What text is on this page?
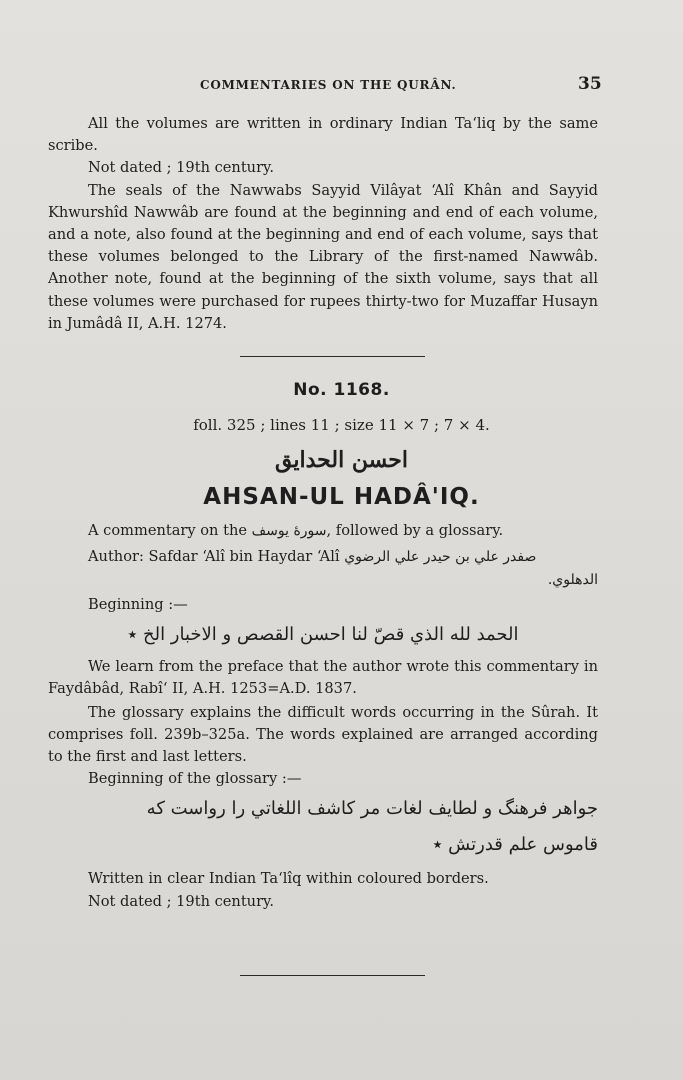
COMMENTARIES ON THE QURÂN.	35

All the volumes are written in ordinary Indian Ta‘liq by the same scribe.

Not dated ; 19th century.

The seals of the Nawwabs Sayyid Vilâyat ‘Alî Khân and Sayyid Khwurshîd Nawwâb are found at the beginning and end of each volume, and a note, also found at the beginning and end of each volume, says that these volumes belonged to the Library of the first-named Nawwâb. Another note, found at the beginning of the sixth volume, says that all these volumes were purchased for rupees thirty-two for Muzaffar Husayn in Jumâdâ II, A.H. 1274.

No. 1168.
foll. 325 ; lines 11 ; size 11 × 7 ; 7 × 4.
احسن الحدايق
AHSAN-UL HADÂ'IQ.
A commentary on the سورهٔ یوسف, followed by a glossary.
Author: Safdar ‘Alî bin Haydar ‘Alî صفدر علي بن حيدر علي الرضوي
الدهلوي.
Beginning :—
الحمد لله الذي قصّ لنا احسن القصص و الاخبار الخ ٭

We learn from the preface that the author wrote this commentary in Faydâbâd, Rabî‘ II, A.H. 1253=A.D. 1837.

The glossary explains the difficult words occurring in the Sûrah. It comprises foll. 239b–325a. The words explained are arranged according to the first and last letters.

Beginning of the glossary :—
جواهر فرهنگ و لطایف لغات مر کاشف اللغاتي را رواست که
قاموس علم قدرتش ٭
Written in clear Indian Ta‘lîq within coloured borders.
Not dated ; 19th century.
